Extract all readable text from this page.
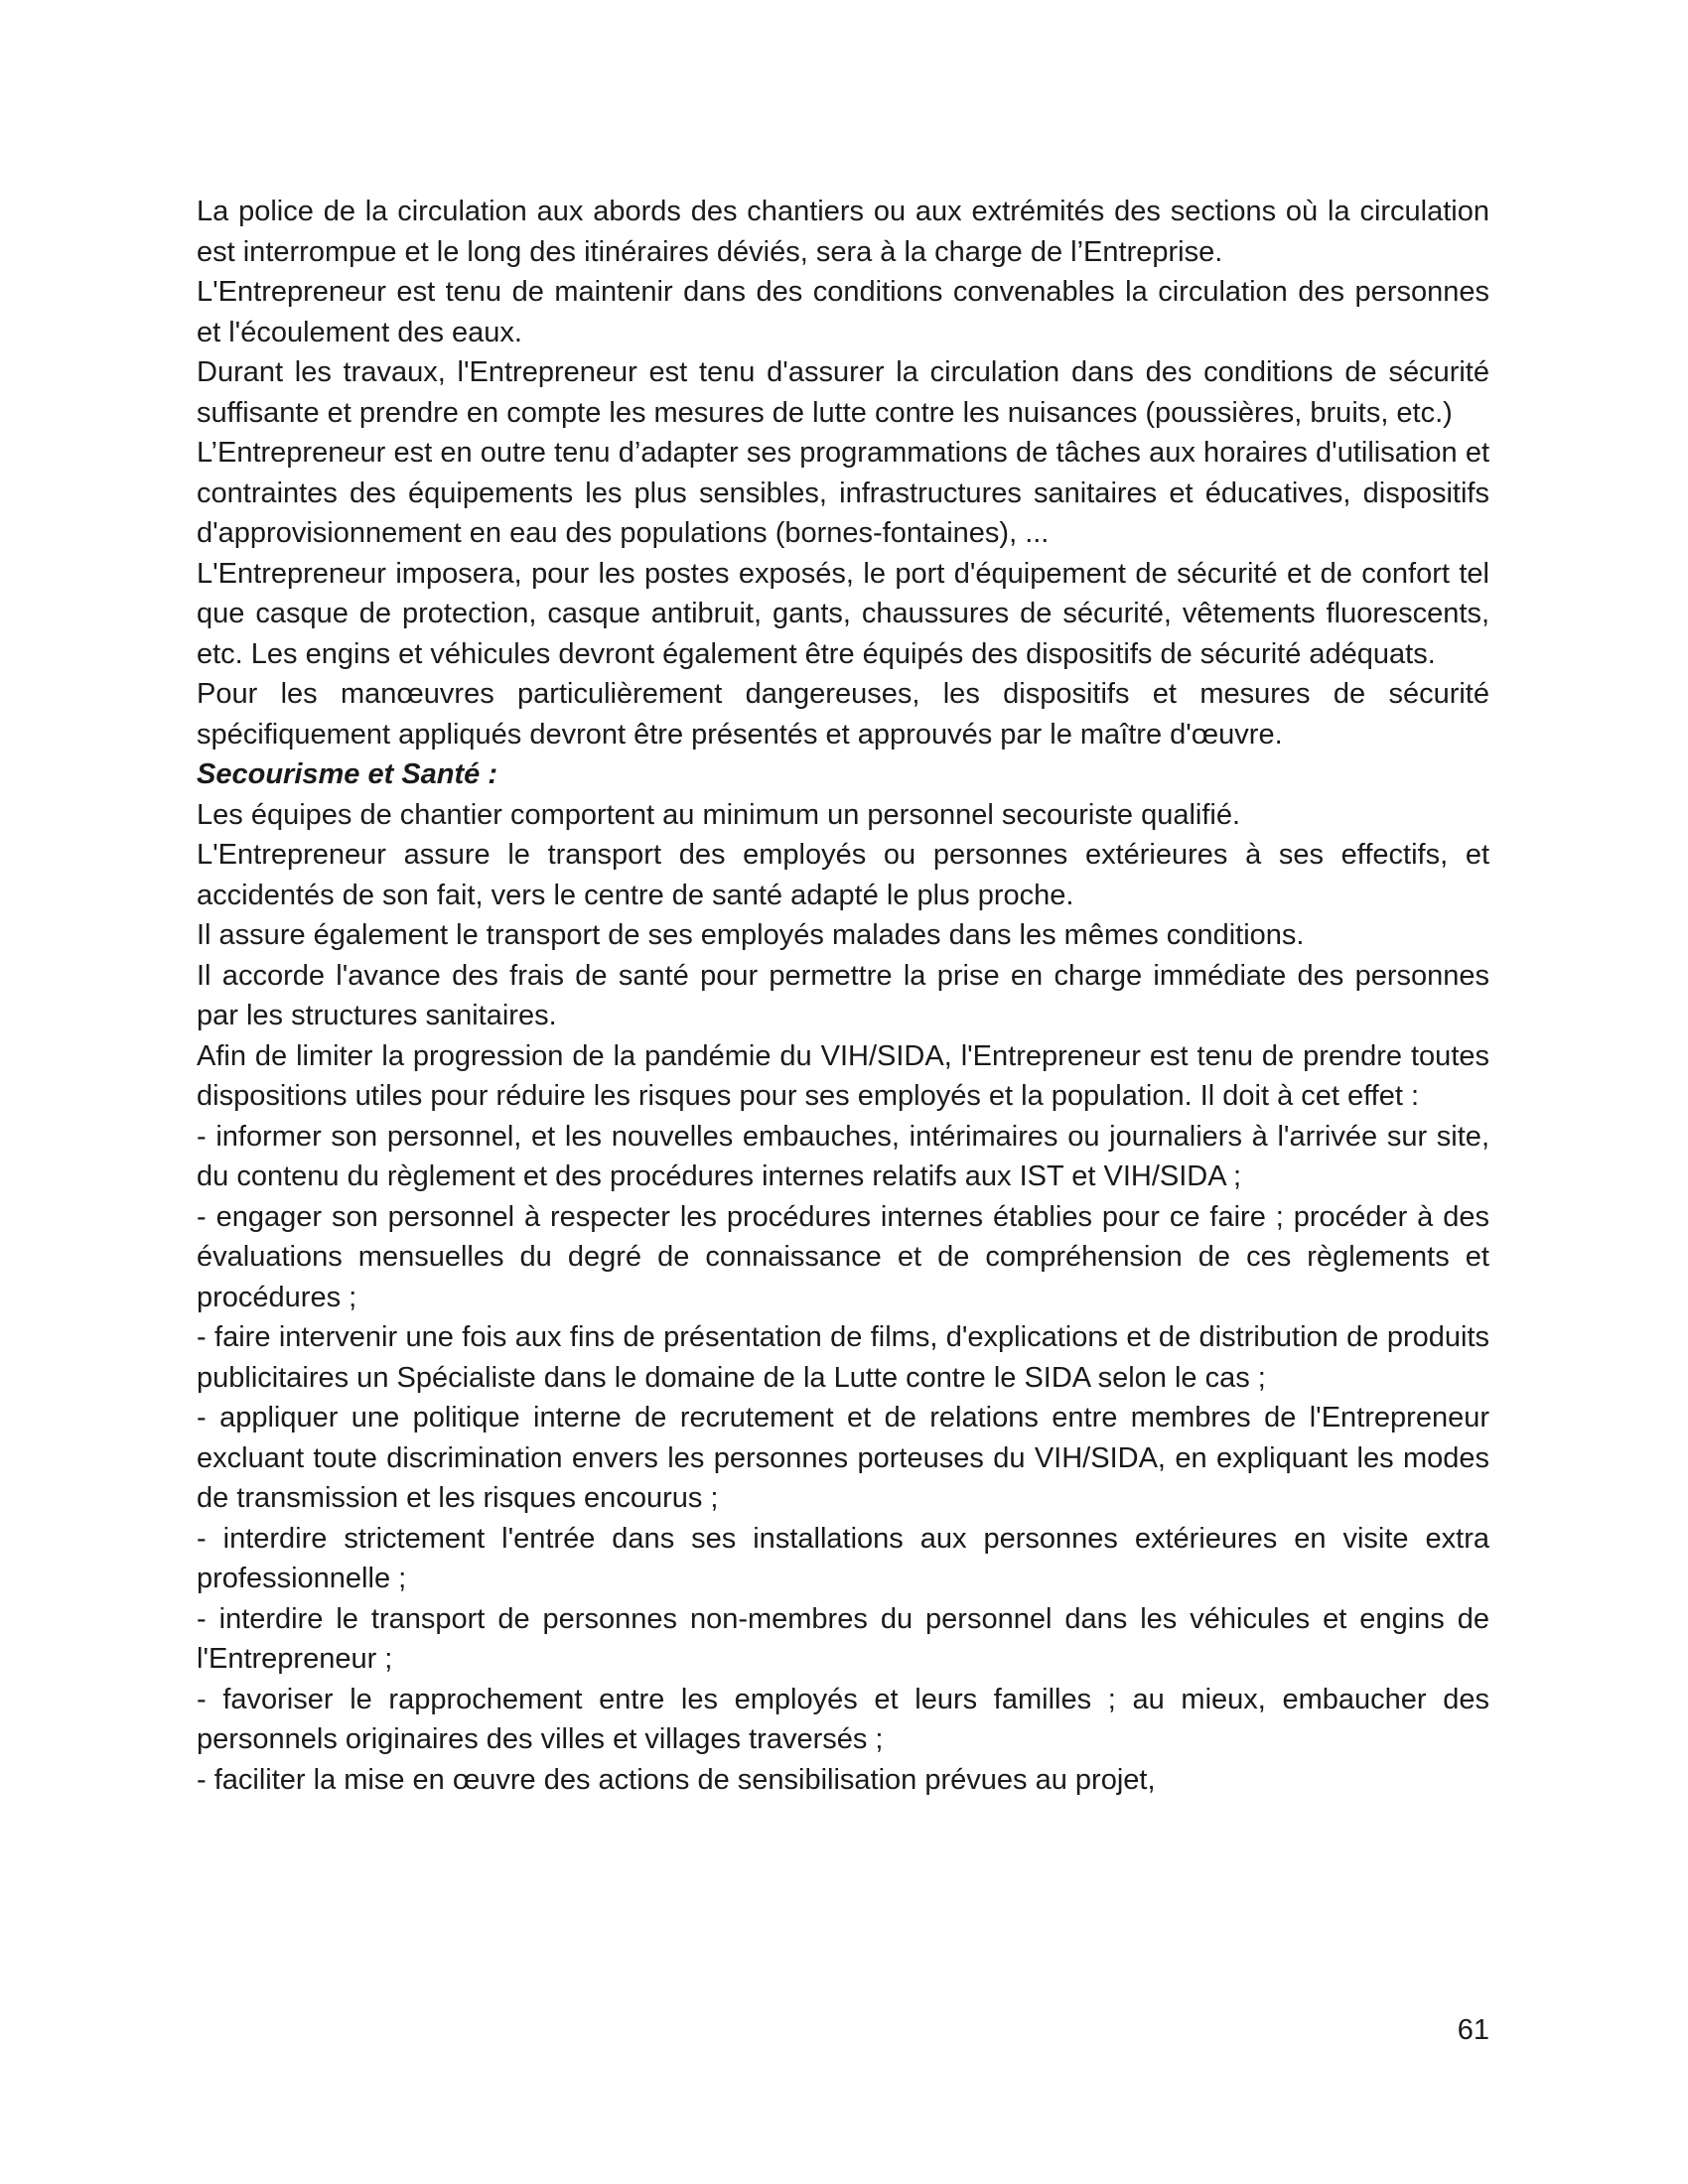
La police de la circulation aux abords des chantiers ou aux extrémités des sections où la circulation est interrompue et le long des itinéraires déviés, sera à la charge de l’Entreprise.

L'Entrepreneur est tenu de maintenir dans des conditions convenables la circulation des personnes et l'écoulement des eaux.

Durant les travaux, l'Entrepreneur est tenu d'assurer la circulation dans des conditions de sécurité suffisante et prendre en compte les mesures de lutte contre les nuisances (poussières, bruits, etc.)

L’Entrepreneur est en outre tenu d’adapter ses programmations de tâches aux horaires d'utilisation et contraintes des équipements les plus sensibles, infrastructures sanitaires et éducatives, dispositifs d'approvisionnement en eau des populations (bornes-fontaines), ...

L'Entrepreneur imposera, pour les postes exposés, le port d'équipement de sécurité et de confort tel que casque de protection, casque antibruit, gants, chaussures de sécurité, vêtements fluorescents, etc. Les engins et véhicules devront également être équipés des dispositifs de sécurité adéquats.

Pour les manœuvres particulièrement dangereuses, les dispositifs et mesures de sécurité spécifiquement appliqués devront être présentés et approuvés par le maître d'œuvre.

Secourisme et Santé :

Les équipes de chantier comportent au minimum un personnel secouriste qualifié.

L'Entrepreneur assure le transport des employés ou personnes extérieures à ses effectifs, et accidentés de son fait, vers le centre de santé adapté le plus proche.

Il assure également le transport de ses employés malades dans les mêmes conditions.

Il accorde l'avance des frais de santé pour permettre la prise en charge immédiate des personnes par les structures sanitaires.

Afin de limiter la progression de la pandémie du VIH/SIDA, l'Entrepreneur est tenu de prendre toutes dispositions utiles pour réduire les risques pour ses employés et la population. Il doit à cet effet :

- informer son personnel, et les nouvelles embauches, intérimaires ou journaliers à l'arrivée sur site, du contenu du règlement et des procédures internes relatifs aux IST et VIH/SIDA ;

- engager son personnel à respecter les procédures internes établies pour ce faire ; procéder à des évaluations mensuelles du degré de connaissance et de compréhension de ces règlements et procédures ;

- faire intervenir une fois aux fins de présentation de films, d'explications et de distribution de produits publicitaires un Spécialiste dans le domaine de la Lutte contre le SIDA selon le cas ;

- appliquer une politique interne de recrutement et de relations entre membres de l'Entrepreneur excluant toute discrimination envers les personnes porteuses du VIH/SIDA, en expliquant les modes de transmission et les risques encourus ;

- interdire strictement l'entrée dans ses installations aux personnes extérieures en visite extra professionnelle ;

- interdire le transport de personnes non-membres du personnel dans les véhicules et engins de l'Entrepreneur ;

- favoriser le rapprochement entre les employés et leurs familles ; au mieux, embaucher des personnels originaires des villes et villages traversés ;

- faciliter la mise en œuvre des actions de sensibilisation prévues au projet,

61
